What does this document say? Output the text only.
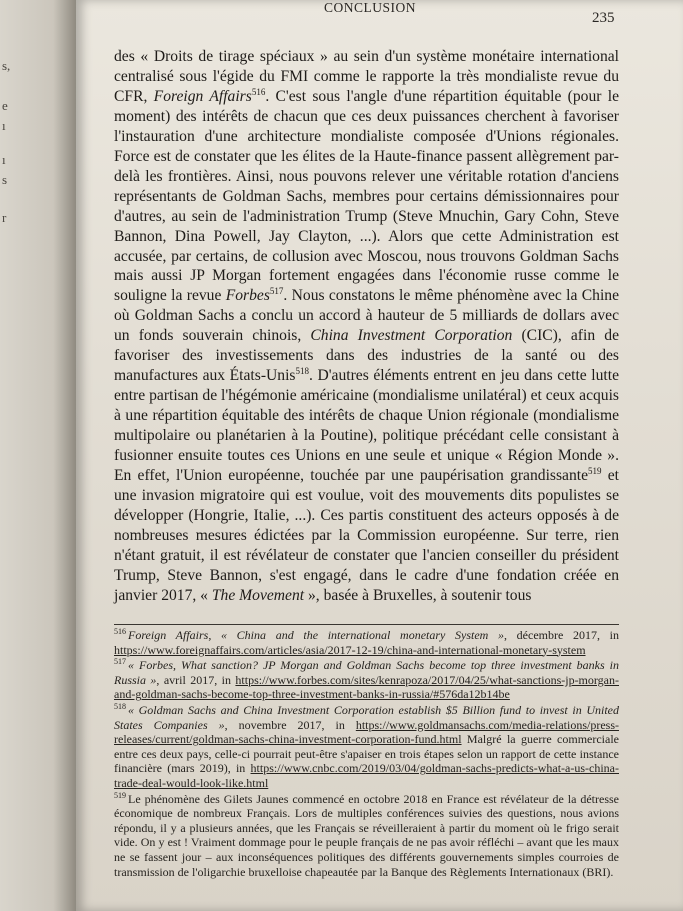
s,
e
ı
ı
s
r
CONCLUSION
235

des « Droits de tirage spéciaux » au sein d'un système monétaire international centralisé sous l'égide du FMI comme le rapporte la très mondialiste revue du CFR, Foreign Affairs$^{516}$. C'est sous l'angle d'une répartition équitable (pour le moment) des intérêts de chacun que ces deux puissances cherchent à favoriser l'instauration d'une architecture mondialiste composée d'Unions régionales. Force est de constater que les élites de la Haute-finance passent allègrement par-delà les frontières. Ainsi, nous pouvons relever une véritable rotation d'anciens représentants de Goldman Sachs, membres pour certains démissionnaires pour d'autres, au sein de l'administration Trump (Steve Mnuchin, Gary Cohn, Steve Bannon, Dina Powell, Jay Clayton, ...). Alors que cette Administration est accusée, par certains, de collusion avec Moscou, nous trouvons Goldman Sachs mais aussi JP Morgan fortement engagées dans l'économie russe comme le souligne la revue Forbes$^{517}$. Nous constatons le même phénomène avec la Chine où Goldman Sachs a conclu un accord à hauteur de 5 milliards de dollars avec un fonds souverain chinois, China Investment Corporation (CIC), afin de favoriser des investissements dans des industries de la santé ou des manufactures aux États-Unis$^{518}$. D'autres éléments entrent en jeu dans cette lutte entre partisan de l'hégémonie américaine (mondialisme unilatéral) et ceux acquis à une répartition équitable des intérêts de chaque Union régionale (mondialisme multipolaire ou planétarien à la Poutine), politique précédant celle consistant à fusionner ensuite toutes ces Unions en une seule et unique « Région Monde ». En effet, l'Union européenne, touchée par une paupérisation grandissante$^{519}$ et une invasion migratoire qui est voulue, voit des mouvements dits populistes se développer (Hongrie, Italie, ...). Ces partis constituent des acteurs opposés à de nombreuses mesures édictées par la Commission européenne. Sur terre, rien n'étant gratuit, il est révélateur de constater que l'ancien conseiller du président Trump, Steve Bannon, s'est engagé, dans le cadre d'une fondation créée en janvier 2017, « The Movement », basée à Bruxelles, à soutenir tous

$^{516}$ Foreign Affairs, « China and the international monetary System », décembre 2017, in https://www.foreignaffairs.com/articles/asia/2017-12-19/china-and-international-monetary-system

$^{517}$ « Forbes, What sanction? JP Morgan and Goldman Sachs become top three investment banks in Russia », avril 2017, in https://www.forbes.com/sites/kenrapoza/2017/04/25/what-sanctions-jp-morgan-and-goldman-sachs-become-top-three-investment-banks-in-russia/#576da12b14be

$^{518}$ « Goldman Sachs and China Investment Corporation establish $5 Billion fund to invest in United States Companies », novembre 2017, in https://www.goldmansachs.com/media-relations/press-releases/current/goldman-sachs-china-investment-corporation-fund.html Malgré la guerre commerciale entre ces deux pays, celle-ci pourrait peut-être s'apaiser en trois étapes selon un rapport de cette instance financière (mars 2019), in https://www.cnbc.com/2019/03/04/goldman-sachs-predicts-what-a-us-china-trade-deal-would-look-like.html

$^{519}$ Le phénomène des Gilets Jaunes commencé en octobre 2018 en France est révélateur de la détresse économique de nombreux Français. Lors de multiples conférences suivies des questions, nous avions répondu, il y a plusieurs années, que les Français se réveilleraient à partir du moment où le frigo serait vide. On y est ! Vraiment dommage pour le peuple français de ne pas avoir réfléchi – avant que les maux ne se fassent jour – aux inconséquences politiques des différents gouvernements simples courroies de transmission de l'oligarchie bruxelloise chapeautée par la Banque des Règlements Internationaux (BRI).
